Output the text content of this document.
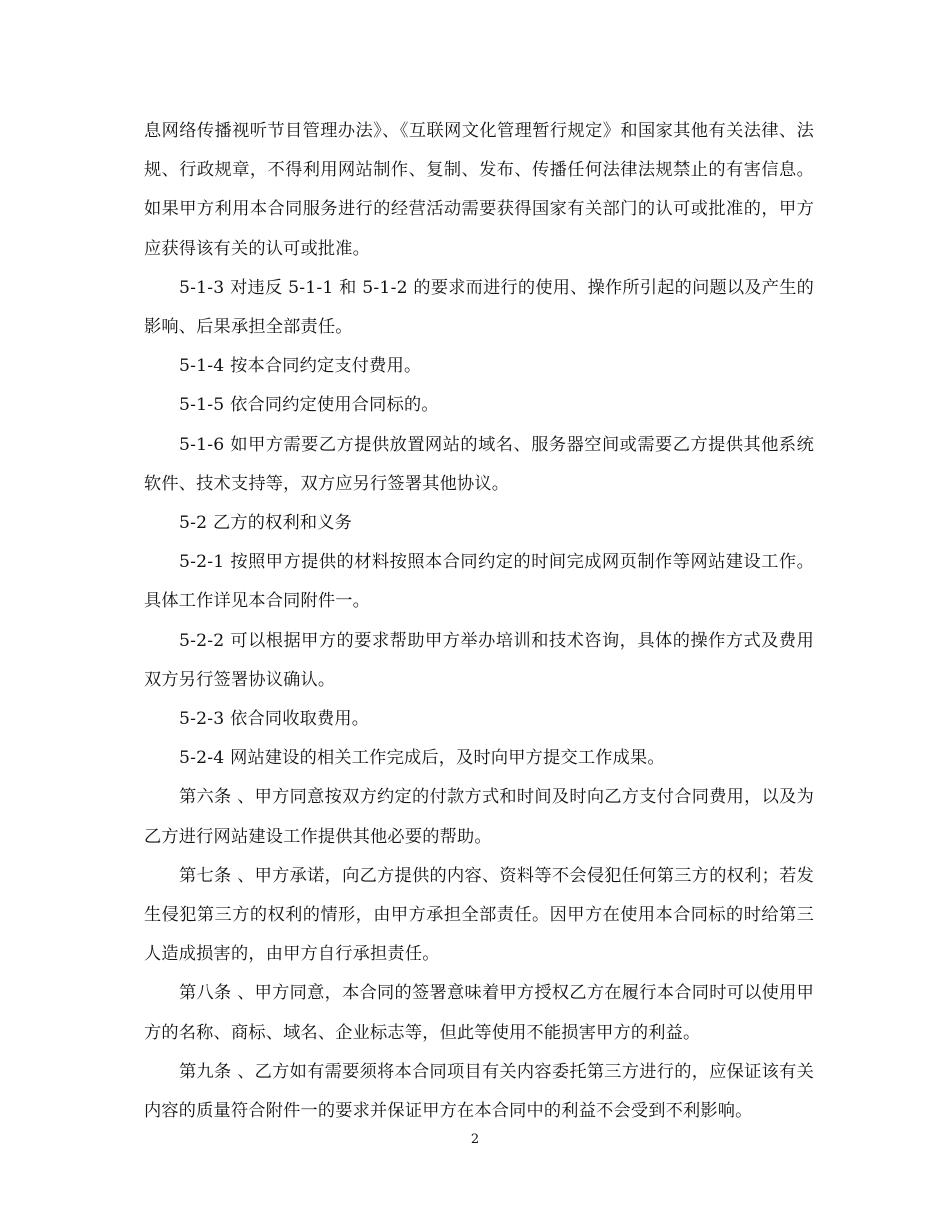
息网络传播视听节目管理办法》、《互联网文化管理暂行规定》和国家其他有关法律、法规、行政规章，不得利用网站制作、复制、发布、传播任何法律法规禁止的有害信息。如果甲方利用本合同服务进行的经营活动需要获得国家有关部门的认可或批准的，甲方应获得该有关的认可或批准。

5-1-3 对违反 5-1-1 和 5-1-2 的要求而进行的使用、操作所引起的问题以及产生的影响、后果承担全部责任。

5-1-4 按本合同约定支付费用。

5-1-5 依合同约定使用合同标的。

5-1-6 如甲方需要乙方提供放置网站的域名、服务器空间或需要乙方提供其他系统软件、技术支持等，双方应另行签署其他协议。

5-2 乙方的权利和义务

5-2-1 按照甲方提供的材料按照本合同约定的时间完成网页制作等网站建设工作。具体工作详见本合同附件一。

5-2-2 可以根据甲方的要求帮助甲方举办培训和技术咨询，具体的操作方式及费用双方另行签署协议确认。

5-2-3 依合同收取费用。

5-2-4 网站建设的相关工作完成后，及时向甲方提交工作成果。

第六条 、甲方同意按双方约定的付款方式和时间及时向乙方支付合同费用，以及为乙方进行网站建设工作提供其他必要的帮助。

第七条 、甲方承诺，向乙方提供的内容、资料等不会侵犯任何第三方的权利；若发生侵犯第三方的权利的情形，由甲方承担全部责任。因甲方在使用本合同标的时给第三人造成损害的，由甲方自行承担责任。

第八条 、甲方同意，本合同的签署意味着甲方授权乙方在履行本合同时可以使用甲方的名称、商标、域名、企业标志等，但此等使用不能损害甲方的利益。

第九条 、乙方如有需要须将本合同项目有关内容委托第三方进行的，应保证该有关内容的质量符合附件一的要求并保证甲方在本合同中的利益不会受到不利影响。

2
